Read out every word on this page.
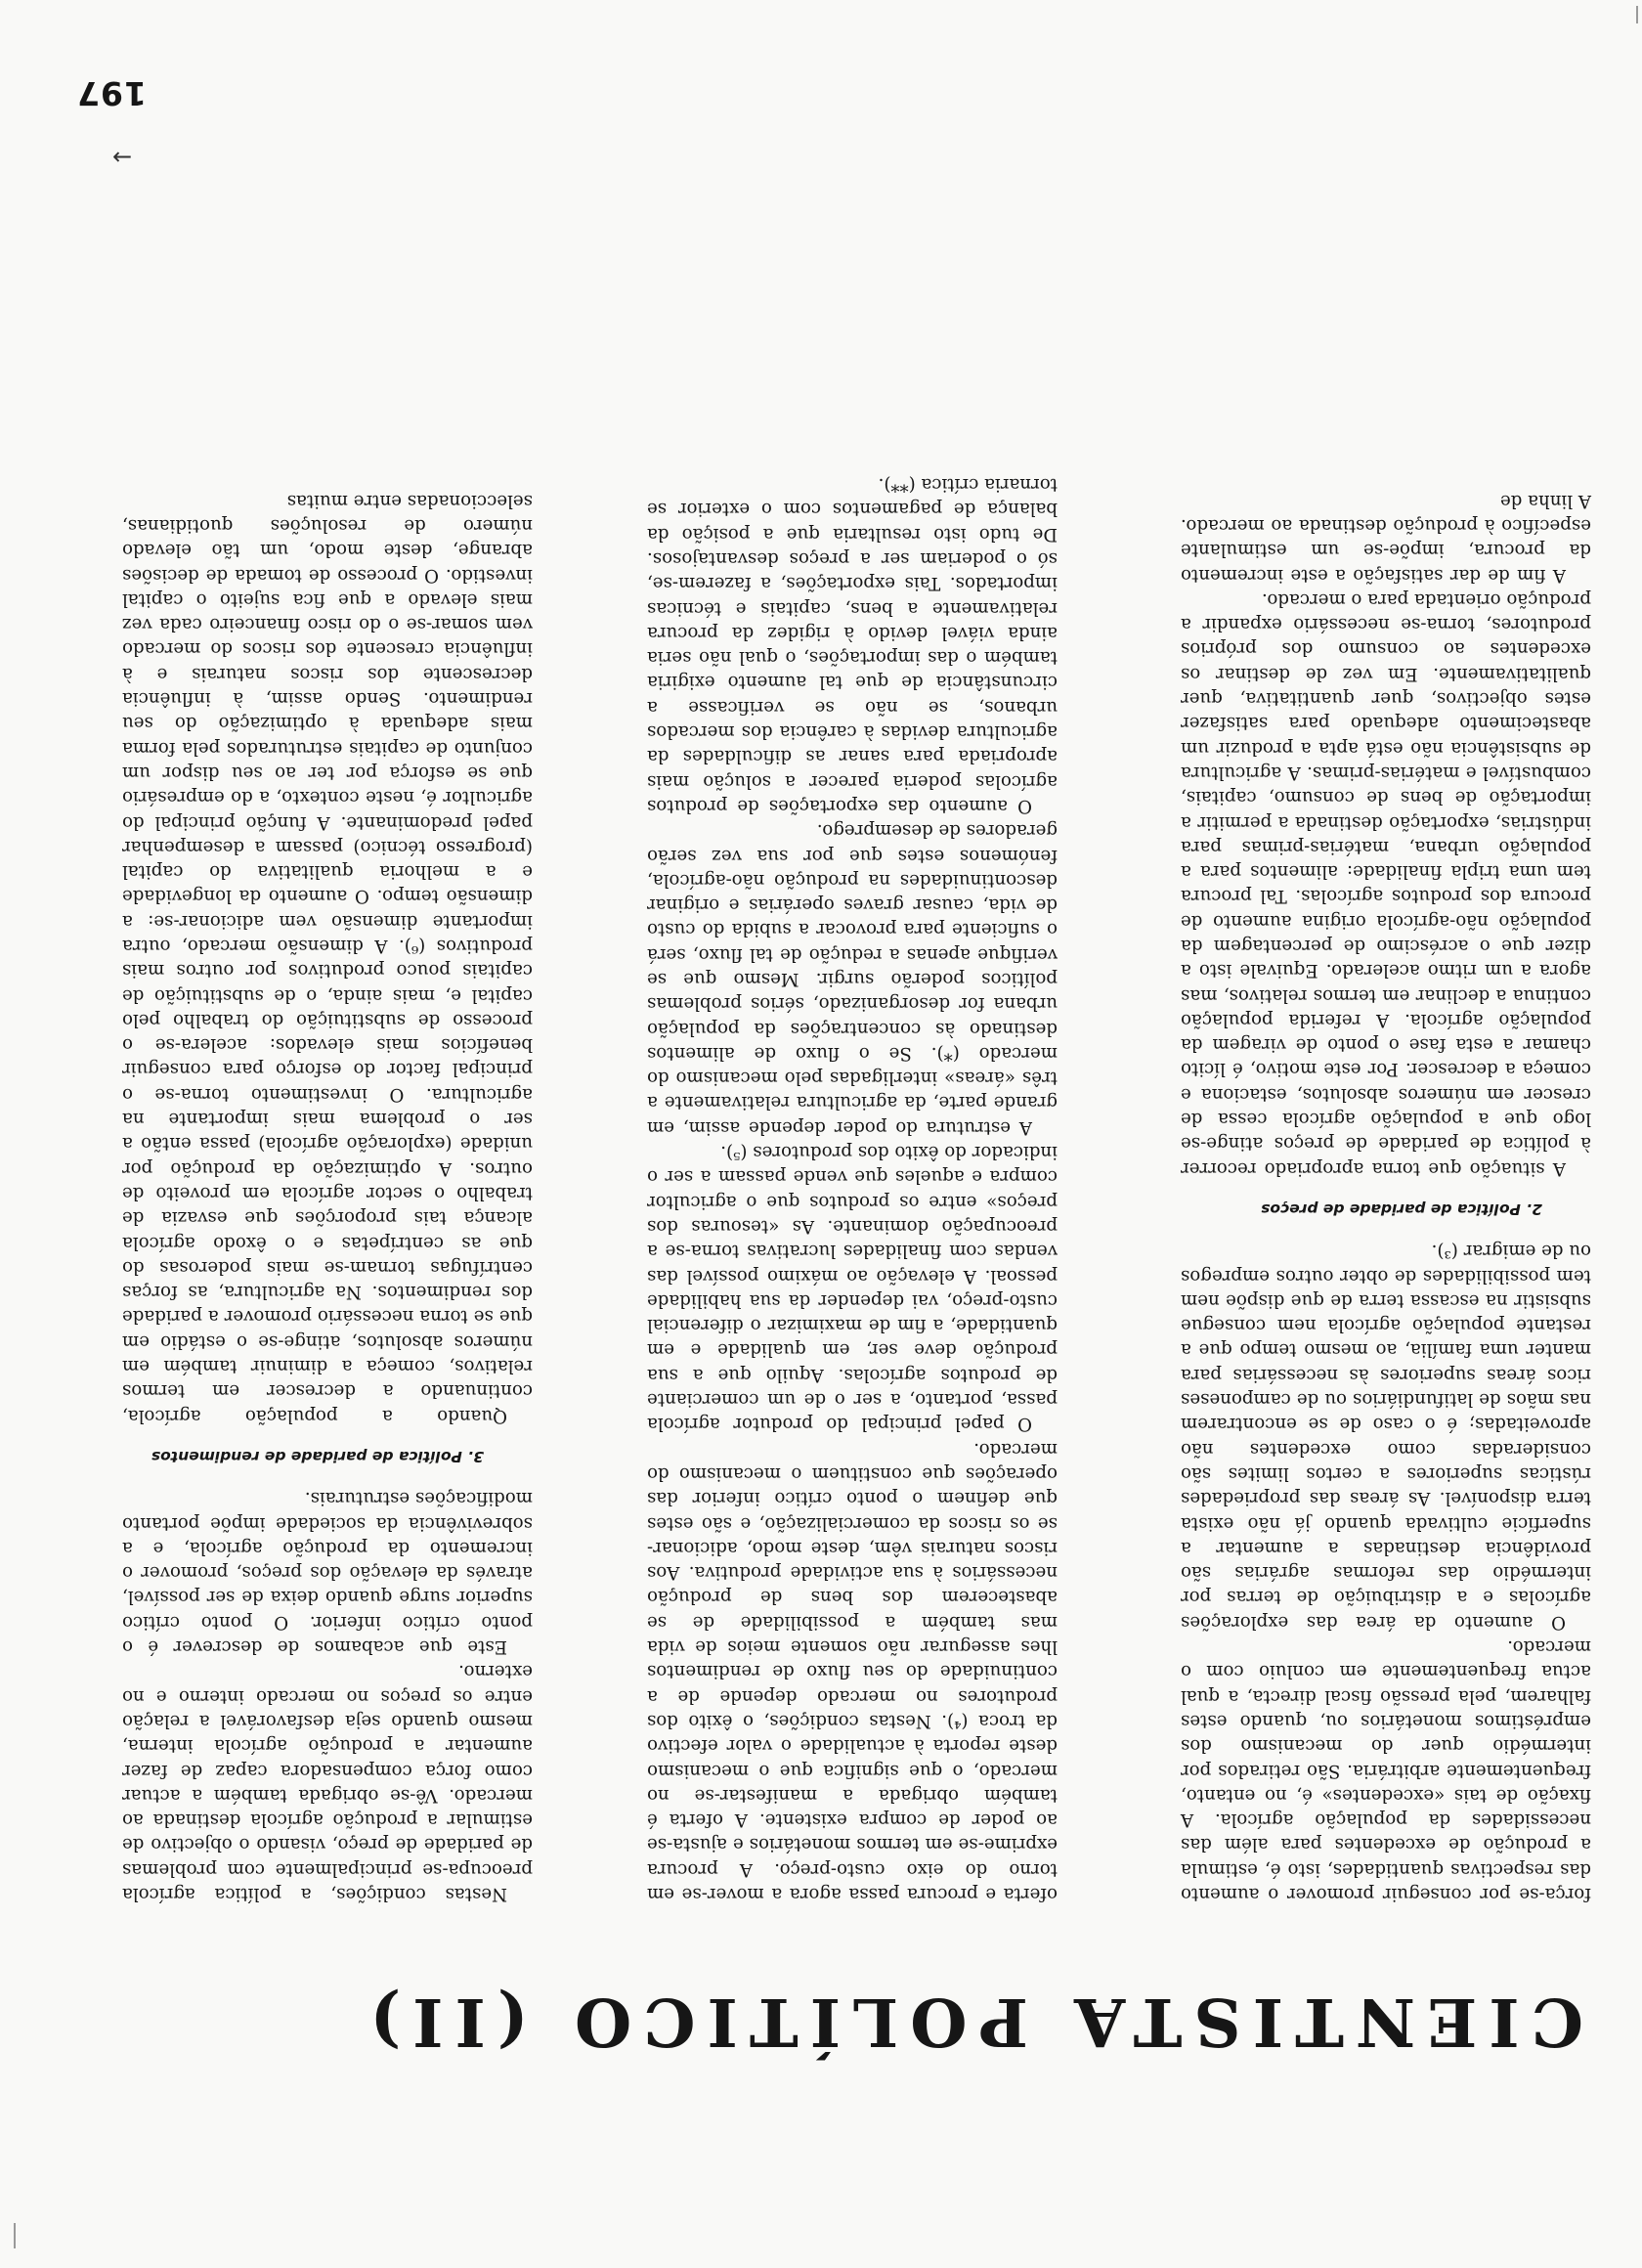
197
→

Nestas condições, a política agrícola preocupa-se principalmente com problemas de paridade de preço, visando o objectivo de estimular a produção agrícola destinada ao mercado. Vê-se obrigada também a actuar como força compensadora capaz de fazer aumentar a produção agrícola interna, mesmo quando seja desfavorável a relação entre os preços no mercado interno e no externo.

Este que acabamos de descrever é o ponto crítico inferior. O ponto crítico superior surge quando deixa de ser possível, através da elevação dos preços, promover o incremento da produção agrícola, e a sobrevivência da sociedade impõe portanto modificações estruturais.

3. Política de paridade de rendimentos

Quando a população agrícola, continuando a decrescer em termos relativos, começa a diminuir também em números absolutos, atinge-se o estádio em que se torna necessário promover a paridade dos rendimentos. Na agricultura, as forças centrífugas tornam-se mais poderosas do que as centrípetas e o êxodo agrícola alcança tais proporções que esvazia de trabalho o sector agrícola em proveito de outros. A optimização da produção por unidade (exploração agrícola) passa então a ser o problema mais importante na agricultura. O investimento torna-se o principal factor do esforço para conseguir benefícios mais elevados: acelera-se o processo de substituição do trabalho pelo capital e, mais ainda, o de substituição de capitais pouco produtivos por outros mais produtivos (⁶). A dimensão mercado, outra importante dimensão vem adicionar-se: a dimensão tempo. O aumento da longevidade e a melhoria qualitativa do capital (progresso técnico) passam a desempenhar papel predominante. A função principal do agricultor é, neste contexto, a do empresário que se esforça por ter ao seu dispor um conjunto de capitais estruturados pela forma mais adequada à optimização do seu rendimento. Sendo assim, à influência decrescente dos riscos naturais e à influência crescente dos riscos do mercado vem somar-se o do risco financeiro cada vez mais elevado a que fica sujeito o capital investido. O processo de tomada de decisões abrange, deste modo, um tão elevado número de resoluções quotidianas, seleccionadas entre muitas

oferta e procura passa agora a mover-se em torno do eixo custo-preço. A procura exprime-se em termos monetários e ajusta-se ao poder de compra existente. A oferta é também obrigada a manifestar-se no mercado, o que significa que o mecanismo deste reporta à actualidade o valor efectivo da troca (⁴). Nestas condições, o êxito dos produtores no mercado depende de a continuidade do seu fluxo de rendimentos lhes assegurar não somente meios de vida mas também a possibilidade de se abastecerem dos bens de produção necessários à sua actividade produtiva. Aos riscos naturais vêm, deste modo, adicionar-se os riscos da comercialização, e são estes que definem o ponto crítico inferior das operações que constituem o mecanismo do mercado.

O papel principal do produtor agrícola passa, portanto, a ser o de um comerciante de produtos agrícolas. Aquilo que a sua produção deve ser, em qualidade e em quantidade, a fim de maximizar o diferencial custo-preço, vai depender da sua habilidade pessoal. A elevação ao máximo possível das vendas com finalidades lucrativas torna-se a preocupação dominante. As «tesouras dos preços» entre os produtos que o agricultor compra e aqueles que vende passam a ser o indicador do êxito dos produtores (⁵).

A estrutura do poder depende assim, em grande parte, da agricultura relativamente a três «áreas» interligadas pelo mecanismo do mercado (*). Se o fluxo de alimentos destinado às concentrações da população urbana for desorganizado, sérios problemas políticos poderão surgir. Mesmo que se verifique apenas a redução de tal fluxo, será o suficiente para provocar a subida do custo de vida, causar graves operárias e originar descontinuidades na produção não-agrícola, fenómenos estes que por sua vez serão geradores de desemprego.

O aumento das exportações de produtos agrícolas poderia parecer a solução mais apropriada para sanar as dificuldades da agricultura devidas à carência dos mercados urbanos, se não se verificasse a circunstância de que tal aumento exigiria também o das importações, o qual não seria ainda viável devido à rigidez da procura relativamente a bens, capitais e técnicas importados. Tais exportações, a fazerem-se, só o poderiam ser a preços desvantajosos. De tudo isto resultaria que a posição da balança de pagamentos com o exterior se tornaria crítica (**).

força-se por conseguir promover o aumento das respectivas quantidades, isto é, estimula a produção de excedentes para além das necessidades da população agrícola. A fixação de tais «excedentes» é, no entanto, frequentemente arbitrária. São retirados por intermédio quer do mecanismo dos empréstimos monetários ou, quando estes falharem, pela pressão fiscal directa, a qual actua frequentemente em conluio com o mercado.

O aumento da área das explorações agrícolas e a distribuição de terras por intermédio das reformas agrárias são providência destinadas a aumentar a superfície cultivada quando já não exista terra disponível. As áreas das propriedades rústicas superiores a certos limites são consideradas como excedentes não aproveitadas; é o caso de se encontrarem nas mãos de latifundiários ou de camponeses ricos áreas superiores às necessárias para manter uma família, ao mesmo tempo que a restante população agrícola nem consegue subsistir na escassa terra de que dispõe nem tem possibilidades de obter outros empregos ou de emigrar (³).

2. Política de paridade de preços

A situação que torna apropriado recorrer à política de paridade de preços atinge-se logo que a população agrícola cessa de crescer em números absolutos, estaciona e começa a decrescer. Por este motivo, é lícito chamar a esta fase o ponto de viragem da população agrícola. A referida população continua a declinar em termos relativos, mas agora a um ritmo acelerado. Equivale isto a dizer que o acréscimo de percentagem da população não-agrícola origina aumento de procura dos produtos agrícolas. Tal procura tem uma tripla finalidade: alimentos para a população urbana, matérias-primas para indústrias, exportação destinada a permitir a importação de bens de consumo, capitais, combustível e matérias-primas. A agricultura de subsistência não está apta a produzir um abastecimento adequado para satisfazer estes objectivos, quer quantitativa, quer qualitativamente. Em vez de destinar os excedentes ao consumo dos próprios produtores, torna-se necessário expandir a produção orientada para o mercado.

A fim de dar satisfação a este incremento da procura, impõe-se um estimulante específico à produção destinada ao mercado. A linha de

CIENTISTA POLÍTICO (II)
